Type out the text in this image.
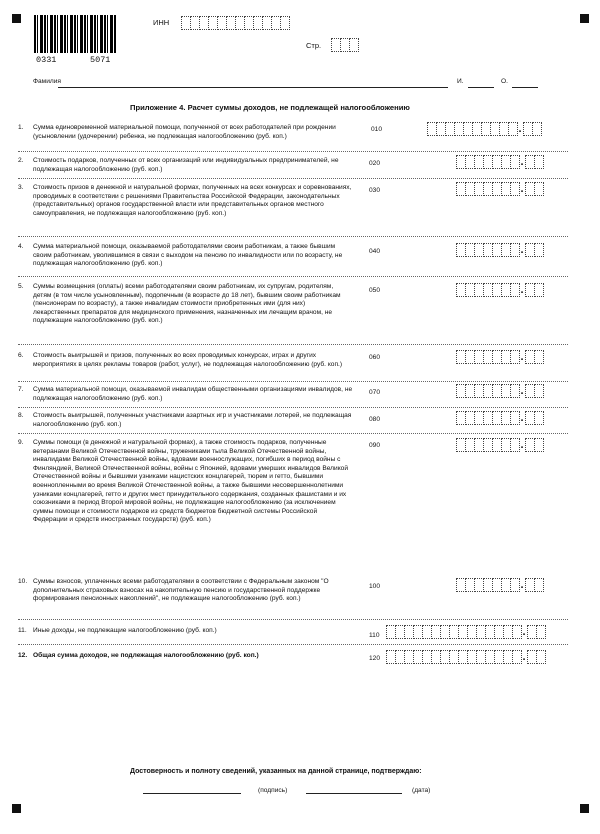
0331	5071
ИНН
Стр.
Фамилия	И.	О.
Приложение 4. Расчет суммы доходов, не подлежащей налогообложению
1. Сумма единовременной материальной помощи, полученной от всех работодателей при рождении (усыновлении (удочерении) ребенка, не подлежащая налогообложению (руб. коп.)
010	.
2. Стоимость подарков, полученных от всех организаций или индивидуальных предпринимателей, не подлежащая налогообложению (руб. коп.)
020	.
3. Стоимость призов в денежной и натуральной формах, полученных на всех конкурсах и соревнованиях, проводимых в соответствии с решениями Правительства Российской Федерации, законодательных (представительных) органов государственной власти или представительных органов местного самоуправления, не подлежащая налогообложению (руб. коп.)
030	.
4. Сумма материальной помощи, оказываемой работодателями своим работникам, а также бывшим своим работникам, уволившимся в связи с выходом на пенсию по инвалидности или по возрасту, не подлежащая налогообложению (руб. коп.)
040	.
5. Суммы возмещения (оплаты) всеми работодателями своим работникам, их супругам, родителям, детям (в том числе усыновленным), подопечным (в возрасте до 18 лет), бывшим своим работникам (пенсионерам по возрасту), а также инвалидам стоимости приобретенных ими (для них) лекарственных препаратов для медицинского применения, назначенных им лечащим врачом, не подлежащие налогообложению (руб. коп.)
050	.
6. Стоимость выигрышей и призов, полученных во всех проводимых конкурсах, играх и других мероприятиях в целях рекламы товаров (работ, услуг), не подлежащая налогообложению (руб. коп.)
060	.
7. Сумма материальной помощи, оказываемой инвалидам общественными организациями инвалидов, не подлежащая налогообложению (руб. коп.)
070	.
8. Стоимость выигрышей, полученных участниками азартных игр и участниками лотерей, не подлежащая налогообложению (руб. коп.)
080	.
9. Суммы помощи (в денежной и натуральной формах), а также стоимость подарков, полученные ветеранами Великой Отечественной войны, тружениками тыла Великой Отечественной войны, инвалидами Великой Отечественной войны, вдовами военнослужащих, погибших в период войны с Финляндией, Великой Отечественной войны, войны с Японией, вдовами умерших инвалидов Великой Отечественной войны и бывшими узниками нацистских концлагерей, тюрем и гетто, бывшими военнопленными во время Великой Отечественной войны, а также бывшими несовершеннолетними узниками концлагерей, гетто и других мест принудительного содержания, созданных фашистами и их союзниками в период Второй мировой войны, не подлежащие налогообложению (за исключением суммы помощи и стоимости подарков из средств бюджетов бюджетной системы Российской Федерации и средств иностранных государств) (руб. коп.)
090	.
10. Суммы взносов, уплаченных всеми работодателями в соответствии с Федеральным законом "О дополнительных страховых взносах на накопительную пенсию и государственной поддержке формирования пенсионных накоплений", не подлежащие налогообложению (руб. коп.)
100	.
11. Иные доходы, не подлежащие налогообложению (руб. коп.)
110	.
12. Общая сумма доходов, не подлежащая налогообложению (руб. коп.)	120	.
Достоверность и полноту сведений, указанных на данной странице, подтверждаю:
(подпись)	(дата)
